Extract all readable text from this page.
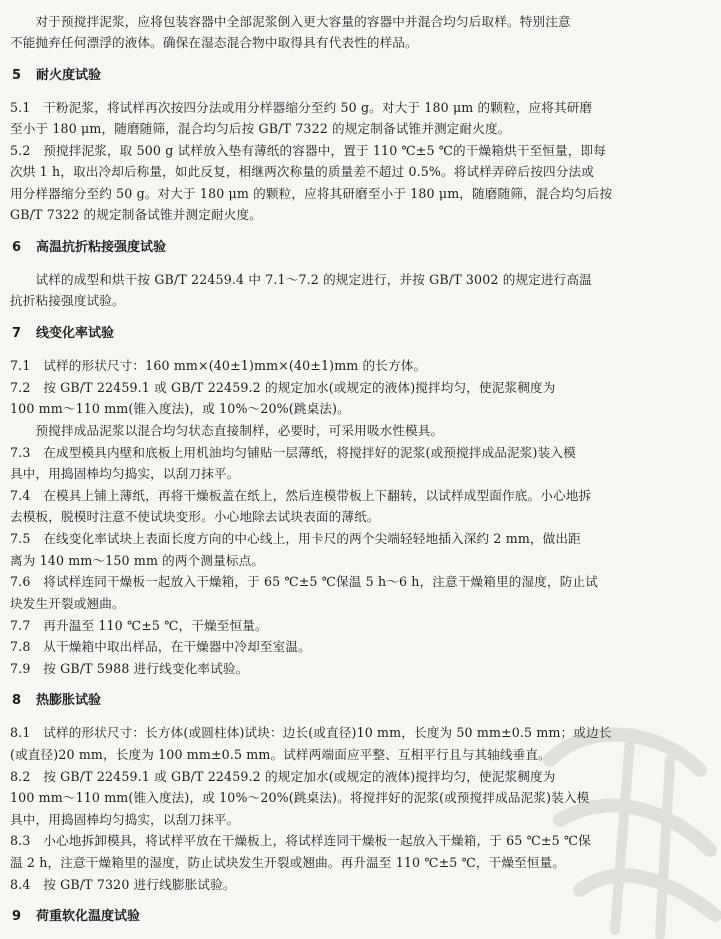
　　对于预搅拌泥浆，应将包装容器中全部泥浆倒入更大容量的容器中并混合均匀后取样。特别注意
不能抛弃任何漂浮的液体。确保在湿态混合物中取得具有代表性的样品。
5 耐火度试验
5.1　干粉泥浆，将试样再次按四分法或用分样器缩分至约 50 g。对大于 180 μm 的颗粒，应将其研磨
至小于 180 μm，随磨随筛，混合均匀后按 GB/T 7322 的规定制备试锥并测定耐火度。
5.2　预搅拌泥浆，取 500 g 试样放入垫有薄纸的容器中，置于 110 ℃±5 ℃的干燥箱烘干至恒量，即每
次烘 1 h，取出冷却后称量，如此反复，相继两次称量的质量差不超过 0.5%。将试样弄碎后按四分法或
用分样器缩分至约 50 g。对大于 180 μm 的颗粒，应将其研磨至小于 180 μm，随磨随筛，混合均匀后按
GB/T 7322 的规定制备试锥并测定耐火度。
6 高温抗折粘接强度试验
　　试样的成型和烘干按 GB/T 22459.4 中 7.1～7.2 的规定进行，并按 GB/T 3002 的规定进行高温
抗折粘接强度试验。
7 线变化率试验
7.1　试样的形状尺寸：160 mm×(40±1)mm×(40±1)mm 的长方体。
7.2　按 GB/T 22459.1 或 GB/T 22459.2 的规定加水(或规定的液体)搅拌均匀，使泥浆稠度为
100 mm～110 mm(锥入度法)，或 10%～20%(跳桌法)。
　　预搅拌成品泥浆以混合均匀状态直接制样，必要时，可采用吸水性模具。
7.3　在成型模具内壁和底板上用机油均匀铺贴一层薄纸，将搅拌好的泥浆(或预搅拌成品泥浆)装入模
具中，用捣固棒均匀捣实，以刮刀抹平。
7.4　在模具上铺上薄纸，再将干燥板盖在纸上，然后连模带板上下翻转，以试样成型面作底。小心地拆
去模板，脱模时注意不使试块变形。小心地除去试块表面的薄纸。
7.5　在线变化率试块上表面长度方向的中心线上，用卡尺的两个尖端轻轻地插入深约 2 mm，做出距
离为 140 mm～150 mm 的两个测量标点。
7.6　将试样连同干燥板一起放入干燥箱，于 65 ℃±5 ℃保温 5 h～6 h，注意干燥箱里的湿度，防止试
块发生开裂或翘曲。
7.7　再升温至 110 ℃±5 ℃，干燥至恒量。
7.8　从干燥箱中取出样品，在干燥器中冷却至室温。
7.9　按 GB/T 5988 进行线变化率试验。
8 热膨胀试验
8.1　试样的形状尺寸：长方体(或圆柱体)试块：边长(或直径)10 mm，长度为 50 mm±0.5 mm；或边长
(或直径)20 mm，长度为 100 mm±0.5 mm。试样两端面应平整、互相平行且与其轴线垂直。
8.2　按 GB/T 22459.1 或 GB/T 22459.2 的规定加水(或规定的液体)搅拌均匀，使泥浆稠度为
100 mm～110 mm(锥入度法)，或 10%～20%(跳桌法)。将搅拌好的泥浆(或预搅拌成品泥浆)装入模
具中，用捣固棒均匀捣实，以刮刀抹平。
8.3　小心地拆卸模具，将试样平放在干燥板上，将试样连同干燥板一起放入干燥箱，于 65 ℃±5 ℃保
温 2 h，注意干燥箱里的湿度，防止试块发生开裂或翘曲。再升温至 110 ℃±5 ℃，干燥至恒量。
8.4　按 GB/T 7320 进行线膨胀试验。
9 荷重软化温度试验
